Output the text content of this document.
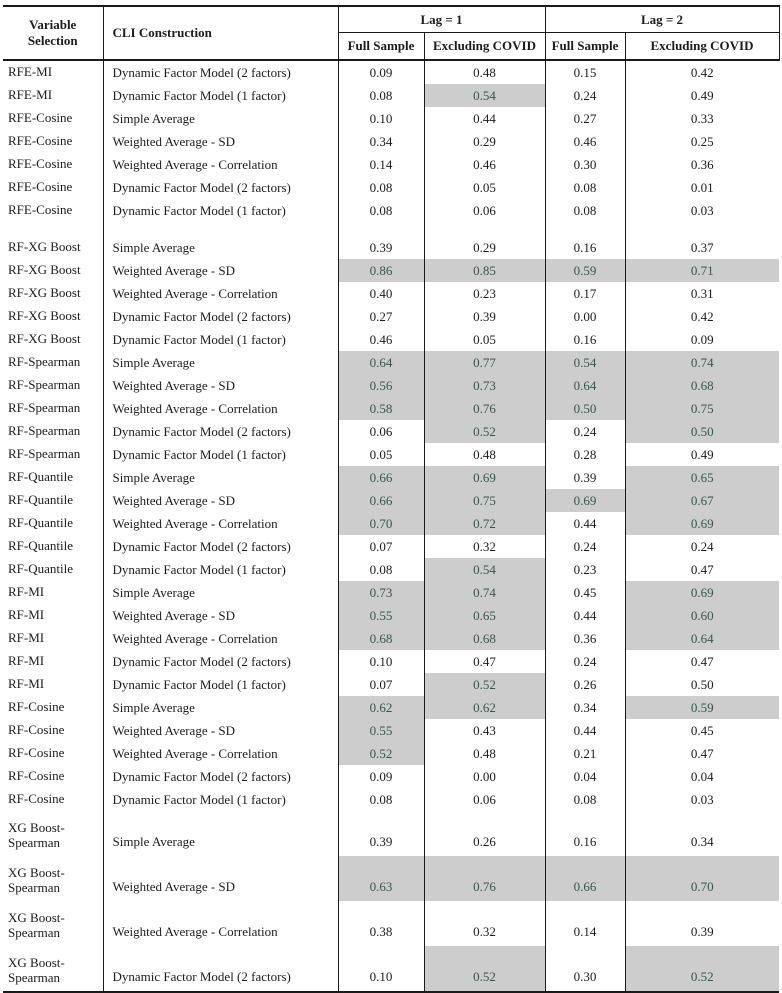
Variable Selection	CLI Construction	Lag = 1		Lag = 2	
		Full Sample	Excluding COVID	Full Sample	Excluding COVID
RFE-MI	Dynamic Factor Model (2 factors)	0.09	0.48	0.15	0.42
RFE-MI	Dynamic Factor Model (1 factor)	0.08	0.54	0.24	0.49
RFE-Cosine	Simple Average	0.10	0.44	0.27	0.33
RFE-Cosine	Weighted Average - SD	0.34	0.29	0.46	0.25
RFE-Cosine	Weighted Average - Correlation	0.14	0.46	0.30	0.36
RFE-Cosine	Dynamic Factor Model (2 factors)	0.08	0.05	0.08	0.01
RFE-Cosine	Dynamic Factor Model (1 factor)	0.08	0.06	0.08	0.03

RF-XG Boost	Simple Average	0.39	0.29	0.16	0.37
RF-XG Boost	Weighted Average - SD	0.86	0.85	0.59	0.71
RF-XG Boost	Weighted Average - Correlation	0.40	0.23	0.17	0.31
RF-XG Boost	Dynamic Factor Model (2 factors)	0.27	0.39	0.00	0.42
RF-XG Boost	Dynamic Factor Model (1 factor)	0.46	0.05	0.16	0.09
RF-Spearman	Simple Average	0.64	0.77	0.54	0.74
RF-Spearman	Weighted Average - SD	0.56	0.73	0.64	0.68
RF-Spearman	Weighted Average - Correlation	0.58	0.76	0.50	0.75
RF-Spearman	Dynamic Factor Model (2 factors)	0.06	0.52	0.24	0.50
RF-Spearman	Dynamic Factor Model (1 factor)	0.05	0.48	0.28	0.49
RF-Quantile	Simple Average	0.66	0.69	0.39	0.65
RF-Quantile	Weighted Average - SD	0.66	0.75	0.69	0.67
RF-Quantile	Weighted Average - Correlation	0.70	0.72	0.44	0.69
RF-Quantile	Dynamic Factor Model (2 factors)	0.07	0.32	0.24	0.24
RF-Quantile	Dynamic Factor Model (1 factor)	0.08	0.54	0.23	0.47
RF-MI	Simple Average	0.73	0.74	0.45	0.69
RF-MI	Weighted Average - SD	0.55	0.65	0.44	0.60
RF-MI	Weighted Average - Correlation	0.68	0.68	0.36	0.64
RF-MI	Dynamic Factor Model (2 factors)	0.10	0.47	0.24	0.47
RF-MI	Dynamic Factor Model (1 factor)	0.07	0.52	0.26	0.50
RF-Cosine	Simple Average	0.62	0.62	0.34	0.59
RF-Cosine	Weighted Average - SD	0.55	0.43	0.44	0.45
RF-Cosine	Weighted Average - Correlation	0.52	0.48	0.21	0.47
RF-Cosine	Dynamic Factor Model (2 factors)	0.09	0.00	0.04	0.04
RF-Cosine	Dynamic Factor Model (1 factor)	0.08	0.06	0.08	0.03
XG Boost-Spearman	Simple Average	0.39	0.26	0.16	0.34
XG Boost-Spearman	Weighted Average - SD	0.63	0.76	0.66	0.70
XG Boost-Spearman	Weighted Average - Correlation	0.38	0.32	0.14	0.39
XG Boost-Spearman	Dynamic Factor Model (2 factors)	0.10	0.52	0.30	0.52
